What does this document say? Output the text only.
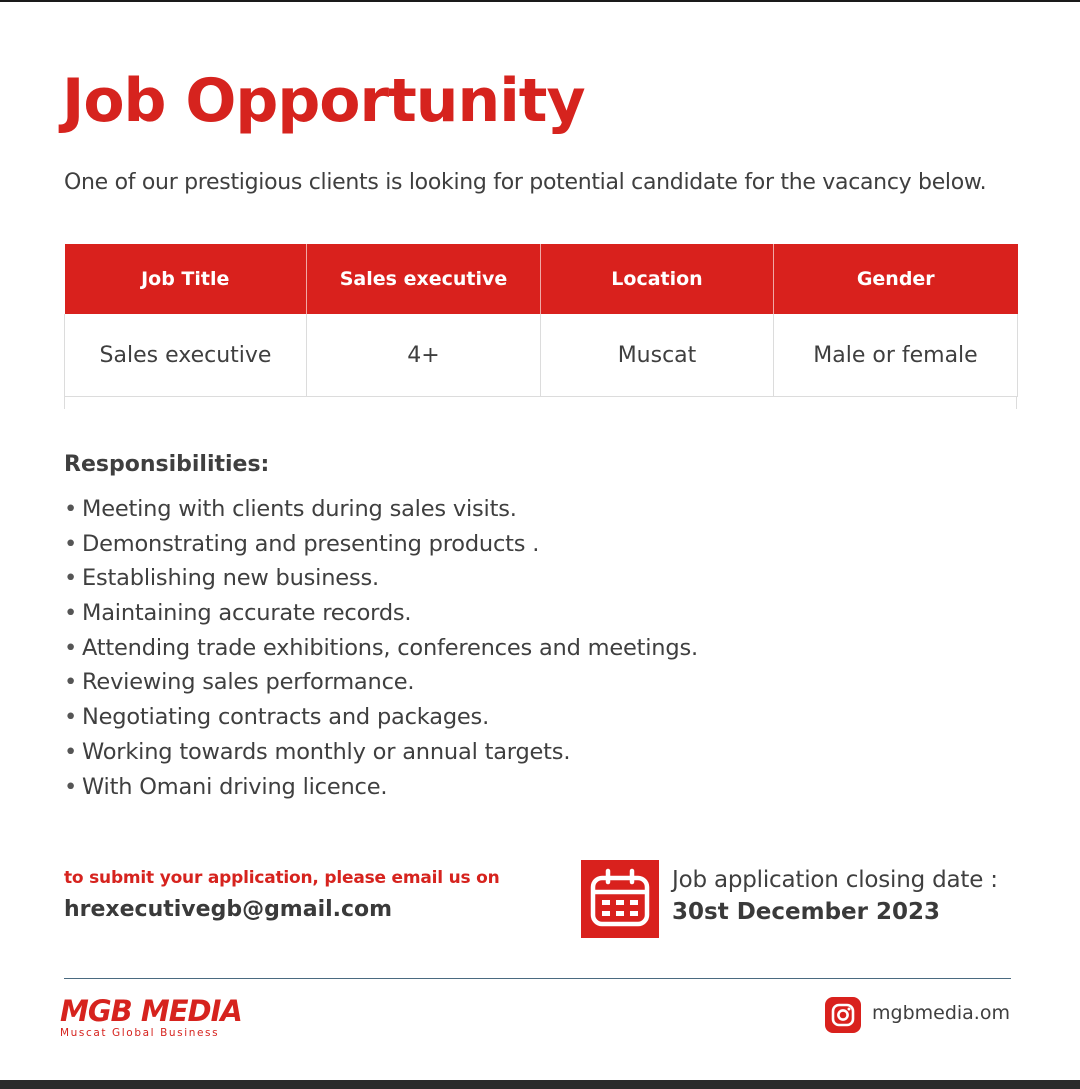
Job Opportunity
One of our prestigious clients is looking for potential candidate for the vacancy below.
Job Title	Sales executive	Location	Gender
Sales executive	4+	Muscat	Male or female
Responsibilities:
• Meeting with clients during sales visits.
• Demonstrating and presenting products .
• Establishing new business.
• Maintaining accurate records.
• Attending trade exhibitions, conferences and meetings.
• Reviewing sales performance.
• Negotiating contracts and packages.
• Working towards monthly or annual targets.
• With Omani driving licence.
to submit your application, please email us on
hrexecutivegb@gmail.com
Job application closing date :
30st December 2023
MGB MEDIA
Muscat Global Business
mgbmedia.om
